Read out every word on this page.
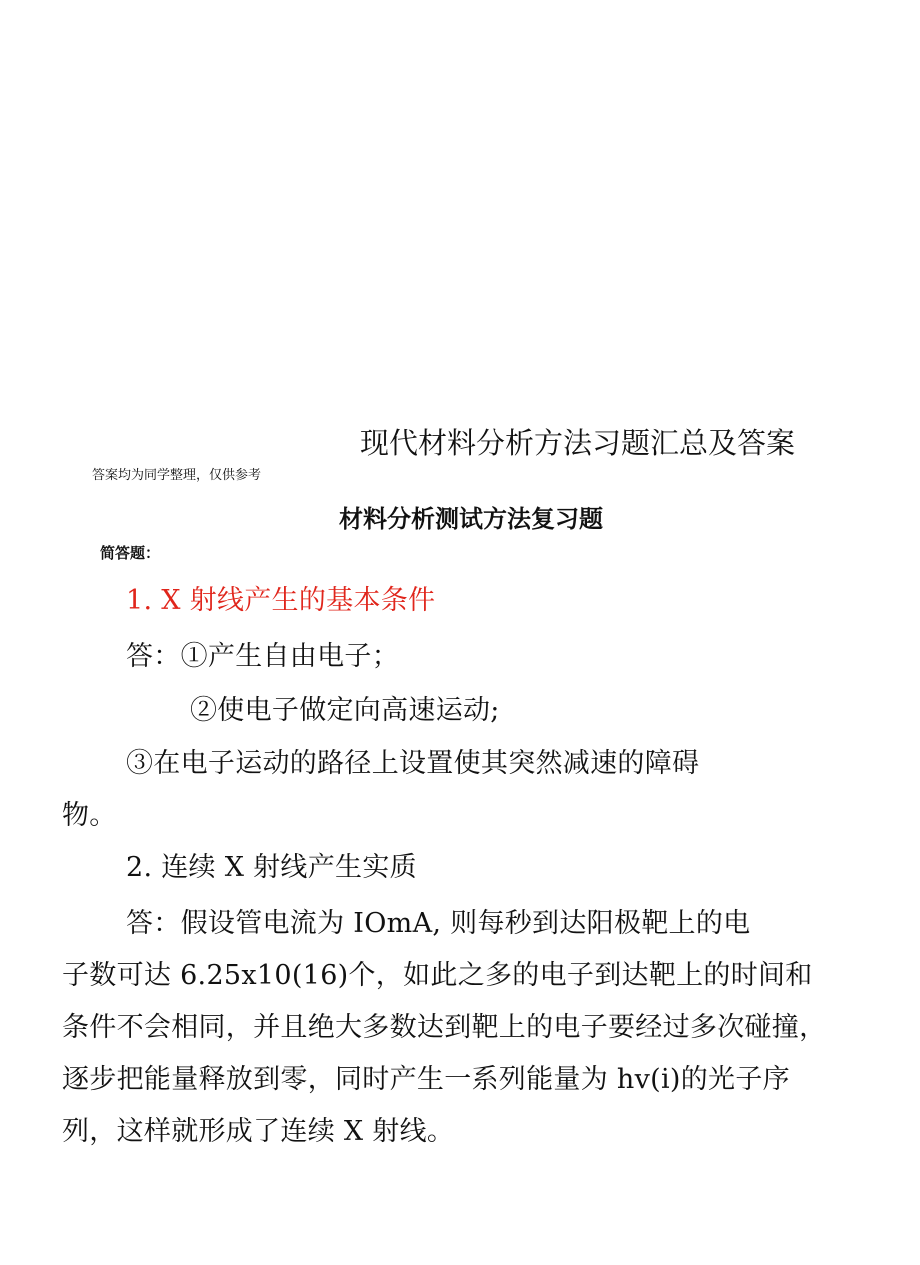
现代材料分析方法习题汇总及答案
答案均为同学整理，仅供参考
材料分析测试方法复习题
简答题：
1. X 射线产生的基本条件
答：①产生自由电子；
②使电子做定向高速运动;
③在电子运动的路径上设置使其突然减速的障碍
物。
2. 连续 X 射线产生实质
答：假设管电流为 IOmA, 则每秒到达阳极靶上的电
子数可达 6.25x10(16)个，如此之多的电子到达靶上的时间和
条件不会相同，并且绝大多数达到靶上的电子要经过多次碰撞，
逐步把能量释放到零，同时产生一系列能量为 hv(i)的光子序
列，这样就形成了连续 X 射线。
